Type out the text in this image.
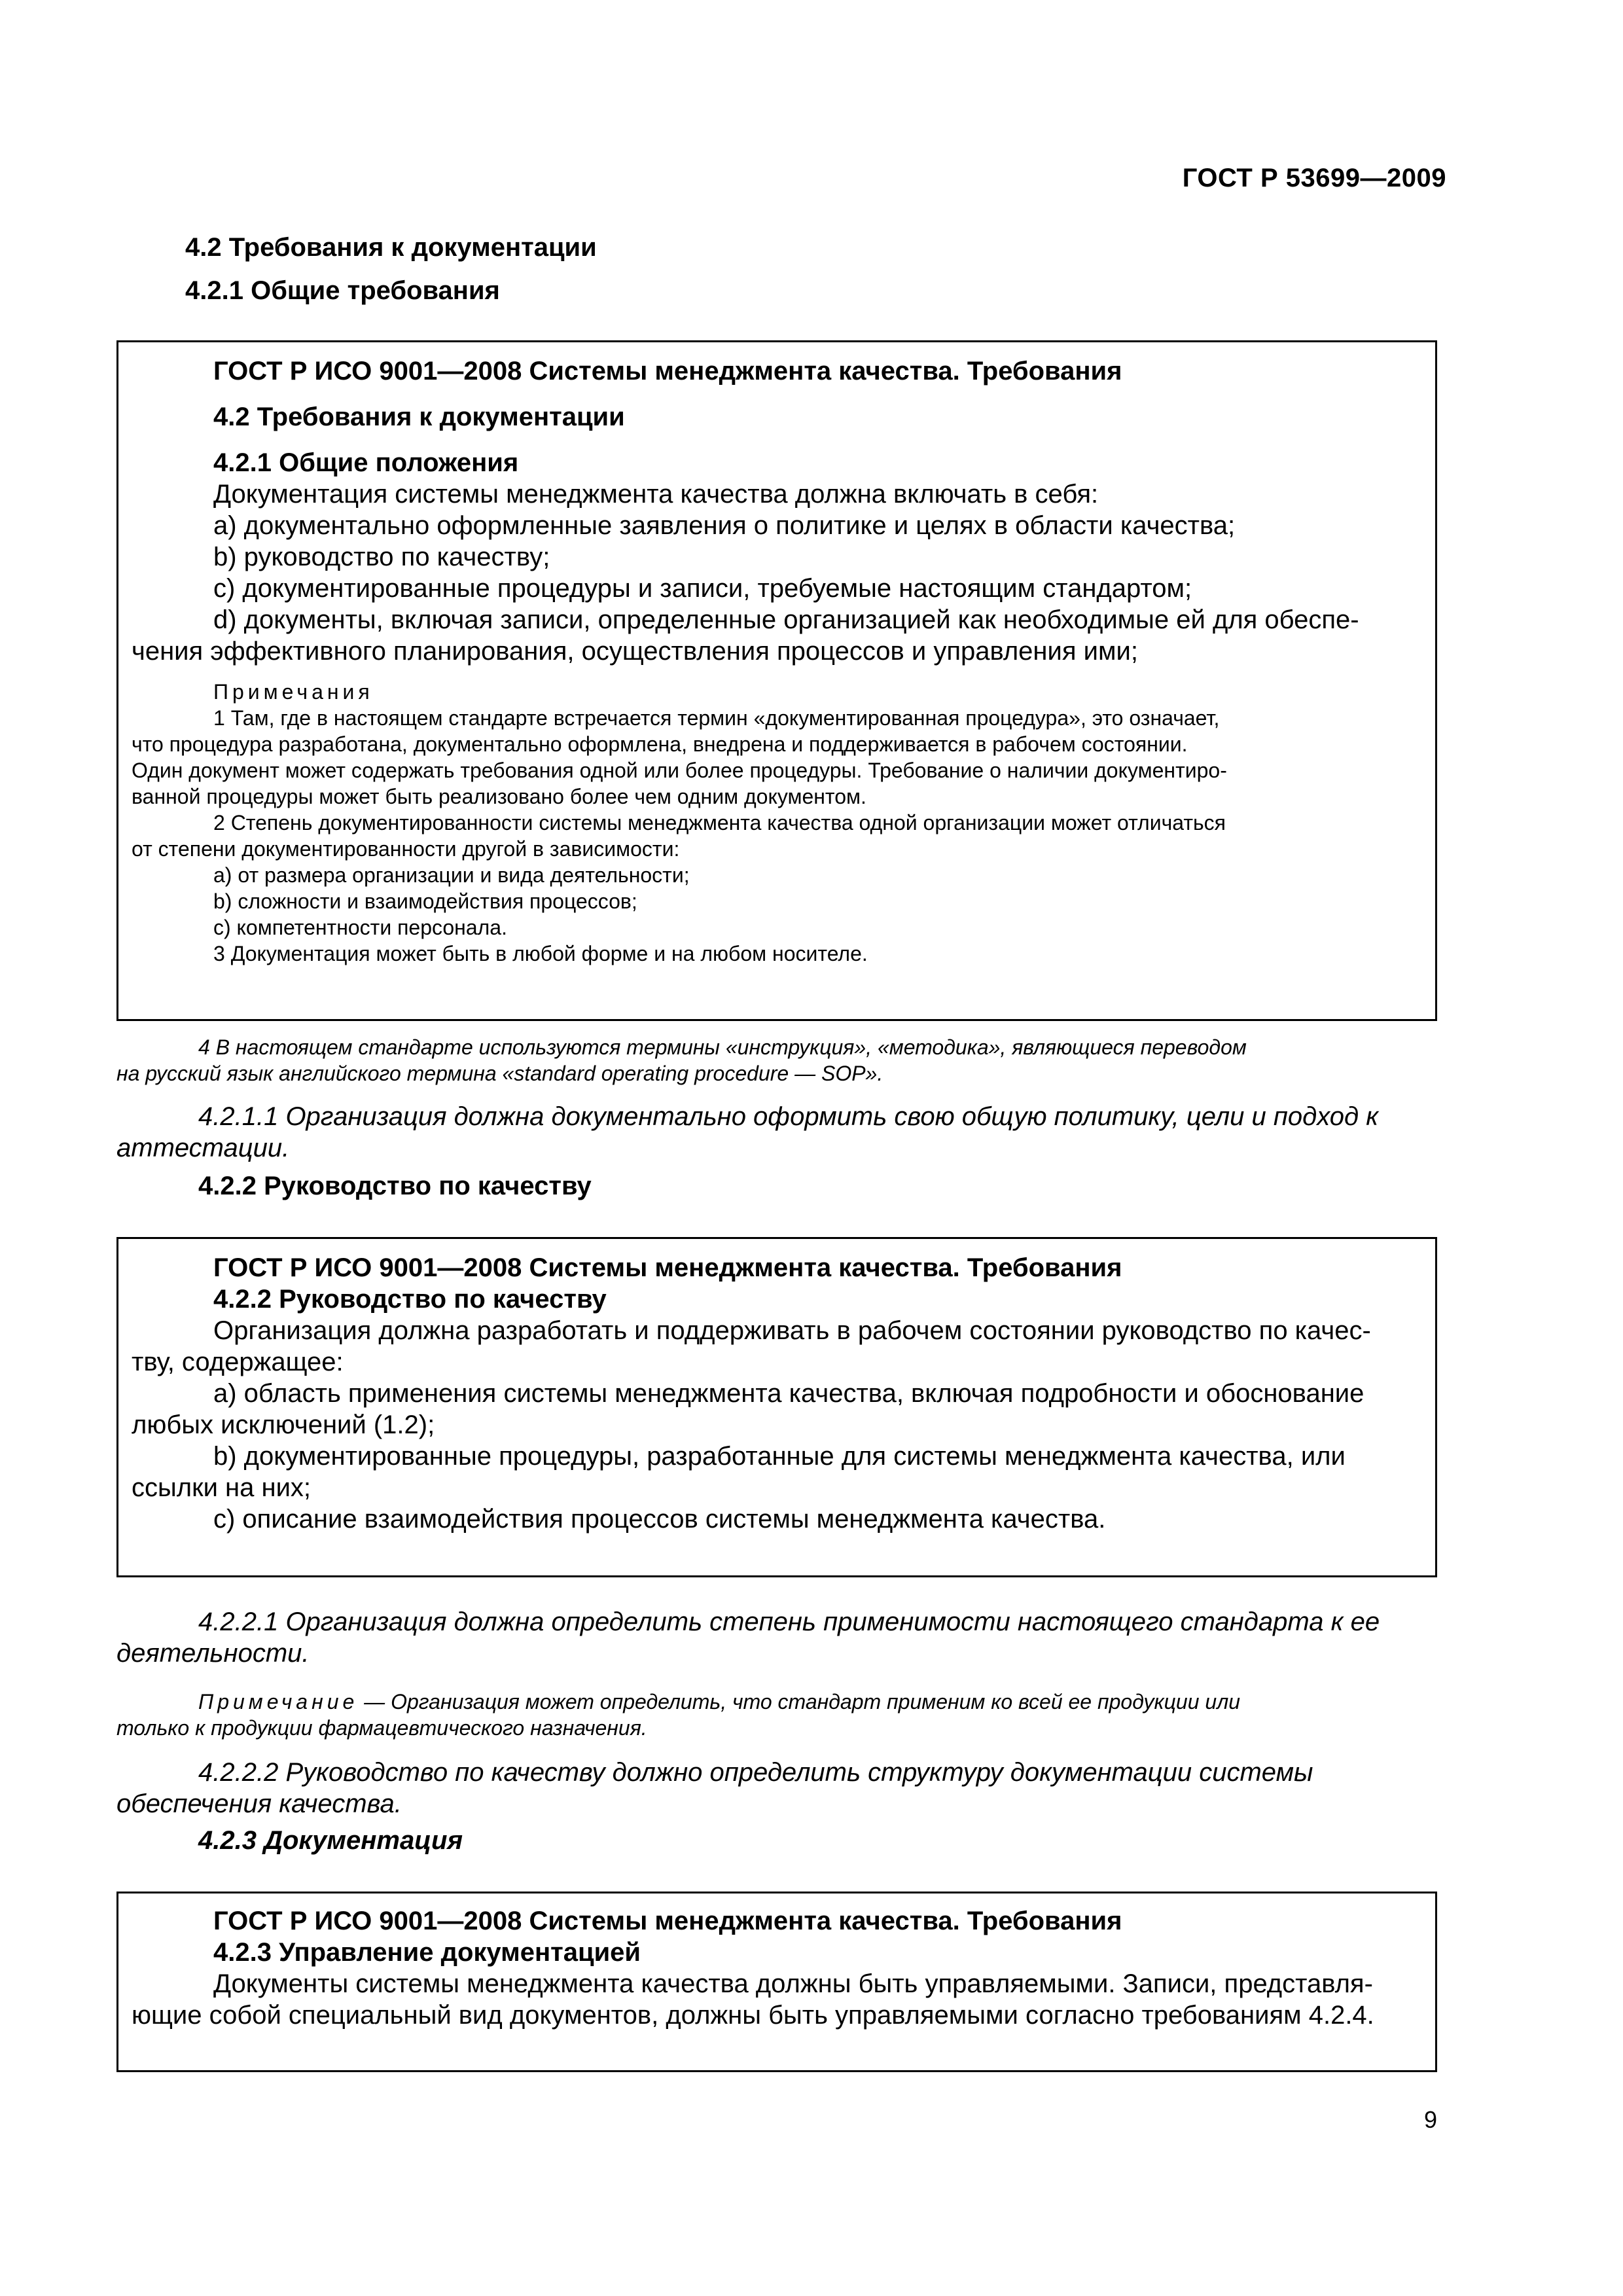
ГОСТ Р 53699—2009
4.2 Требования к документации
4.2.1 Общие требования
ГОСТ Р ИСО 9001—2008 Системы менеджмента качества. Требования
4.2 Требования к документации
4.2.1 Общие положения
Документация системы менеджмента качества должна включать в себя:
а) документально оформленные заявления о политике и целях в области качества;
b) руководство по качеству;
c) документированные процедуры и записи, требуемые настоящим стандартом;
d) документы, включая записи, определенные организацией как необходимые ей для обеспе-
чения эффективного планирования, осуществления процессов и управления ими;
Примечания
1 Там, где в настоящем стандарте встречается термин «документированная процедура», это означает,
что процедура разработана, документально оформлена, внедрена и поддерживается в рабочем состоянии.
Один документ может содержать требования одной или более процедуры. Требование о наличии документиро-
ванной процедуры может быть реализовано более чем одним документом.
2 Степень документированности системы менеджмента качества одной организации может отличаться
от степени документированности другой в зависимости:
а) от размера организации и вида деятельности;
b) сложности и взаимодействия процессов;
c) компетентности персонала.
3 Документация может быть в любой форме и на любом носителе.
4 В настоящем стандарте используются термины «инструкция», «методика», являющиеся переводом
на русский язык английского термина «standard operating procedure — SOP».
4.2.1.1 Организация должна документально оформить свою общую политику, цели и подход к
аттестации.
4.2.2 Руководство по качеству
ГОСТ Р ИСО 9001—2008 Системы менеджмента качества. Требования
4.2.2 Руководство по качеству
Организация должна разработать и поддерживать в рабочем состоянии руководство по качес-
тву, содержащее:
а) область применения системы менеджмента качества, включая подробности и обоснование
любых исключений (1.2);
b) документированные процедуры, разработанные для системы менеджмента качества, или
ссылки на них;
c) описание взаимодействия процессов системы менеджмента качества.
4.2.2.1 Организация должна определить степень применимости настоящего стандарта к ее
деятельности.
Примечание — Организация может определить, что стандарт применим ко всей ее продукции или
только к продукции фармацевтического назначения.
4.2.2.2 Руководство по качеству должно определить структуру документации системы
обеспечения качества.
4.2.3 Документация
ГОСТ Р ИСО 9001—2008 Системы менеджмента качества. Требования
4.2.3 Управление документацией
Документы системы менеджмента качества должны быть управляемыми. Записи, представля-
ющие собой специальный вид документов, должны быть управляемыми согласно требованиям 4.2.4.
9
